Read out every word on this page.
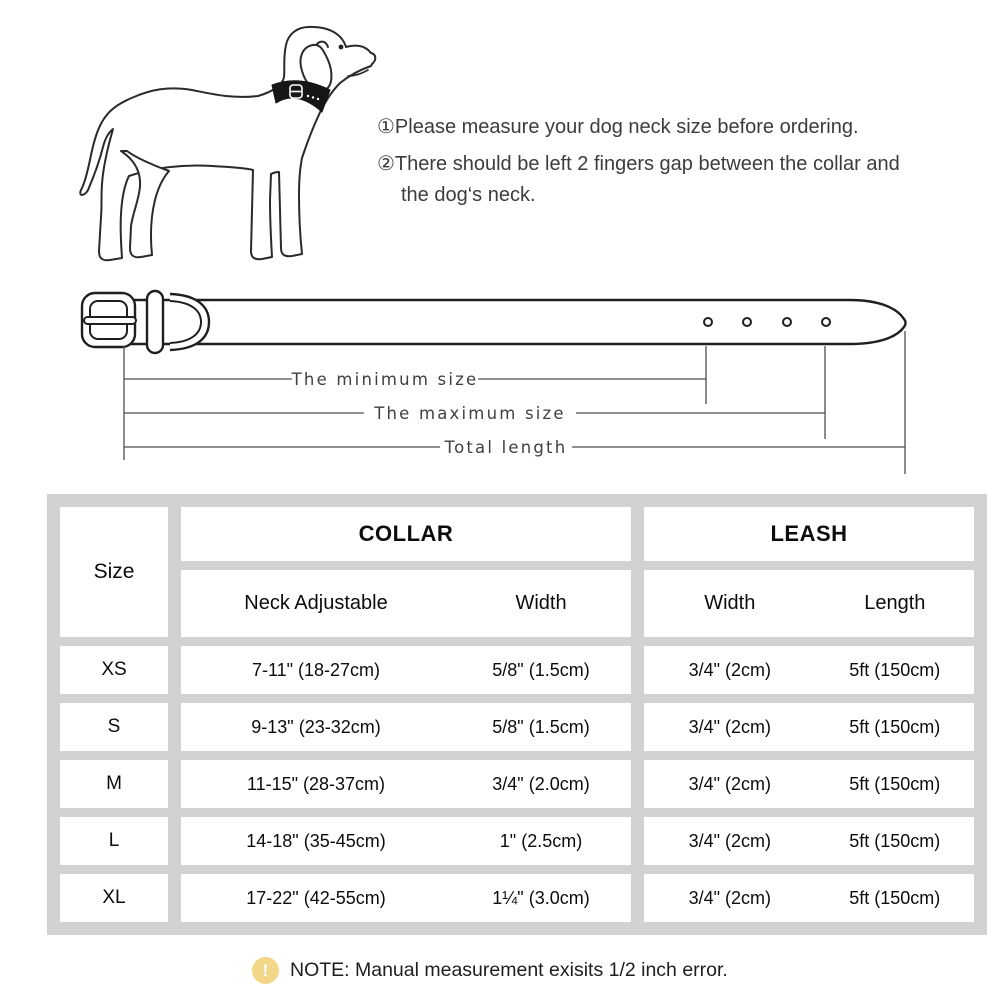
The minimum size
The maximum size
Total length

①Please measure your dog neck size before ordering.

②There should be left 2 fingers gap between the collar and the dog‘s neck.

Size
COLLAR	LEASH
Neck Adjustable	Width	Width	Length
XS	7-11" (18-27cm)	5/8" (1.5cm)	3/4" (2cm)	5ft (150cm)
S	9-13" (23-32cm)	5/8" (1.5cm)	3/4" (2cm)	5ft (150cm)
M	11-15" (28-37cm)	3/4" (2.0cm)	3/4" (2cm)	5ft (150cm)
L	14-18" (35-45cm)	1" (2.5cm)	3/4" (2cm)	5ft (150cm)
XL	17-22" (42-55cm)	1¼" (3.0cm)	3/4" (2cm)	5ft (150cm)
!	NOTE: Manual measurement exisits 1/2 inch error.
